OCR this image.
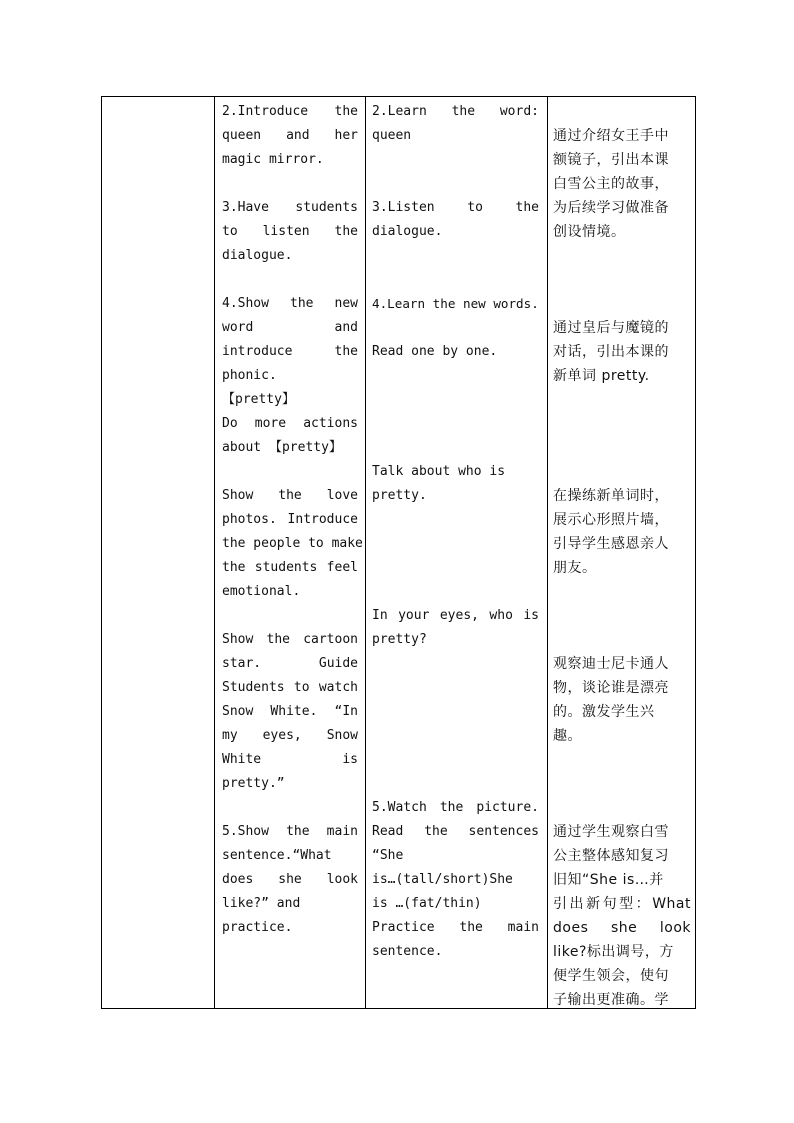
2.Introduce the
queen and her
magic mirror.
3.Have students
to listen the
dialogue.
4.Show the new
word and
introduce the
phonic.
【pretty】
Do more actions
about 【pretty】
Show the love
photos. Introduce
the people to make
the students feel
emotional.
Show the cartoon
star. Guide
Students to watch
Snow White. “In
my eyes, Snow
White is
pretty.”
5.Show the main
sentence.“What
does she look
like?” and
practice.
2.Learn the word:
queen
3.Listen to the
dialogue.
4.Learn the new words.
Read one by one.
Talk about who is
pretty.
In your eyes, who is
pretty?
5.Watch the picture.
Read the sentences
“She
is…(tall/short)She
is …(fat/thin)
Practice the main
sentence.
通过介绍女王手中
额镜子，引出本课
白雪公主的故事，
为后续学习做准备
创设情境。
通过皇后与魔镜的
对话，引出本课的
新单词 pretty.
在操练新单词时，
展示心形照片墙，
引导学生感恩亲人
朋友。
观察迪士尼卡通人
物，谈论谁是漂亮
的。激发学生兴
趣。
通过学生观察白雪
公主整体感知复习
旧知“She is…并
引出新句型：What
does she look
like?标出调号，方
便学生领会，使句
子输出更准确。学
